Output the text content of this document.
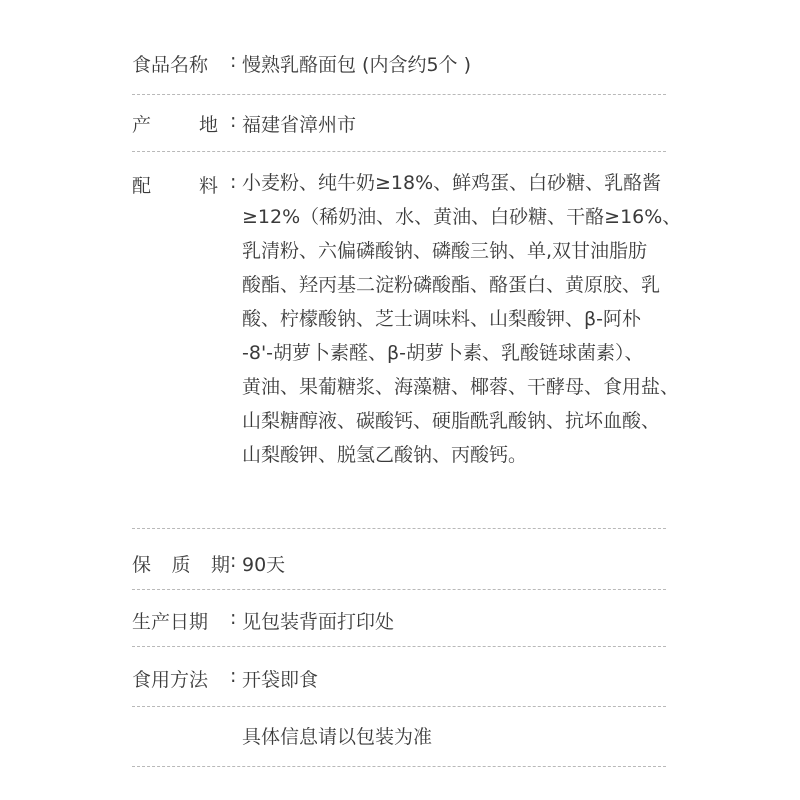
食品名称	: 慢熟乳酪面包 (内含约5个 )
产	地 : 福建省漳州市
配	料 : 小麦粉、纯牛奶≥18%、鲜鸡蛋、白砂糖、乳酪酱
≥12%（稀奶油、水、黄油、白砂糖、干酪≥16%、
乳清粉、六偏磷酸钠、磷酸三钠、单,双甘油脂肪
酸酯、羟丙基二淀粉磷酸酯、酪蛋白、黄原胶、乳
酸、柠檬酸钠、芝士调味料、山梨酸钾、β-阿朴
-8'-胡萝卜素醛、β-胡萝卜素、乳酸链球菌素）、
黄油、果葡糖浆、海藻糖、椰蓉、干酵母、食用盐、
山梨糖醇液、碳酸钙、硬脂酰乳酸钠、抗坏血酸、
山梨酸钾、脱氢乙酸钠、丙酸钙。
保 质 期 : 90天
生产日期	: 见包装背面打印处
食用方法	: 开袋即食
具体信息请以包装为准
